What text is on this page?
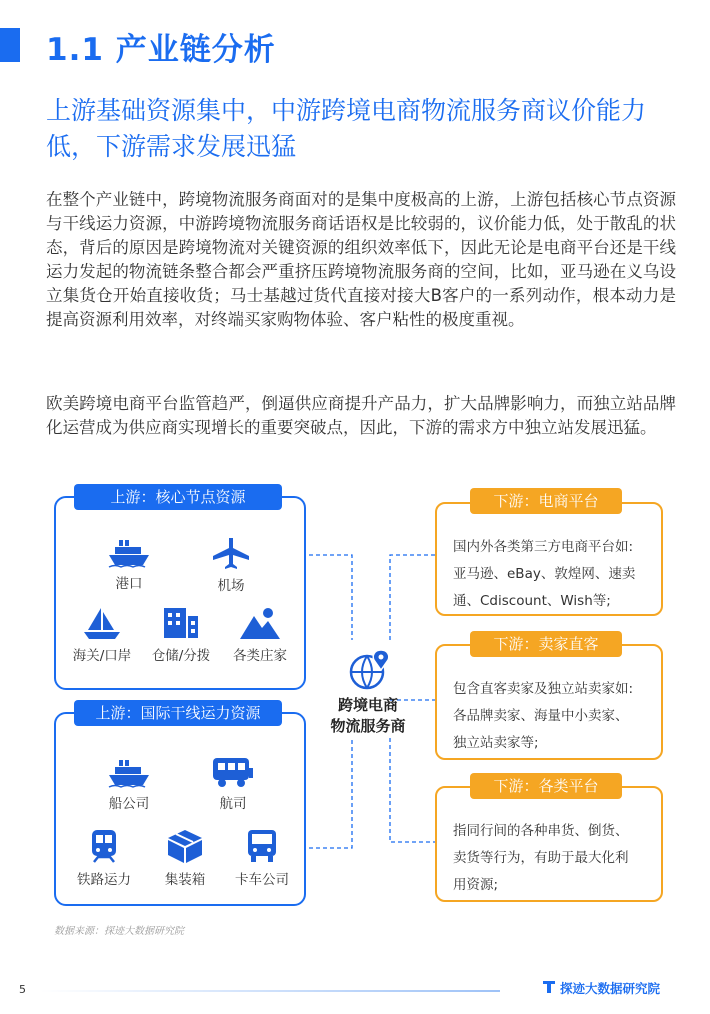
1.1 产业链分析
上游基础资源集中，中游跨境电商物流服务商议价能力低，下游需求发展迅猛
在整个产业链中，跨境物流服务商面对的是集中度极高的上游，上游包括核心节点资源与干线运力资源，中游跨境物流服务商话语权是比较弱的，议价能力低，处于散乱的状态，背后的原因是跨境物流对关键资源的组织效率低下，因此无论是电商平台还是干线运力发起的物流链条整合都会严重挤压跨境物流服务商的空间，比如，亚马逊在义乌设立集货仓开始直接收货；马士基越过货代直接对接大B客户的一系列动作，根本动力是提高资源利用效率，对终端买家购物体验、客户粘性的极度重视。
欧美跨境电商平台监管趋严，倒逼供应商提升产品力，扩大品牌影响力，而独立站品牌化运营成为供应商实现增长的重要突破点，因此，下游的需求方中独立站发展迅猛。
上游：核心节点资源
港口	机场
海关/口岸	仓储/分拨	各类庄家
上游：国际干线运力资源
船公司	航司
铁路运力	集装箱	卡车公司
跨境电商
物流服务商
国内外各类第三方电商平台如:
亚马逊、eBay、敦煌网、速卖
通、Cdiscount、Wish等;
下游：电商平台
包含直客卖家及独立站卖家如:
各品牌卖家、海量中小卖家、
独立站卖家等;
下游：卖家直客
指同行间的各种串货、倒货、
卖货等行为，有助于最大化利
用资源;
下游：各类平台
数据来源：探迹大数据研究院
5	探迹大数据研究院
